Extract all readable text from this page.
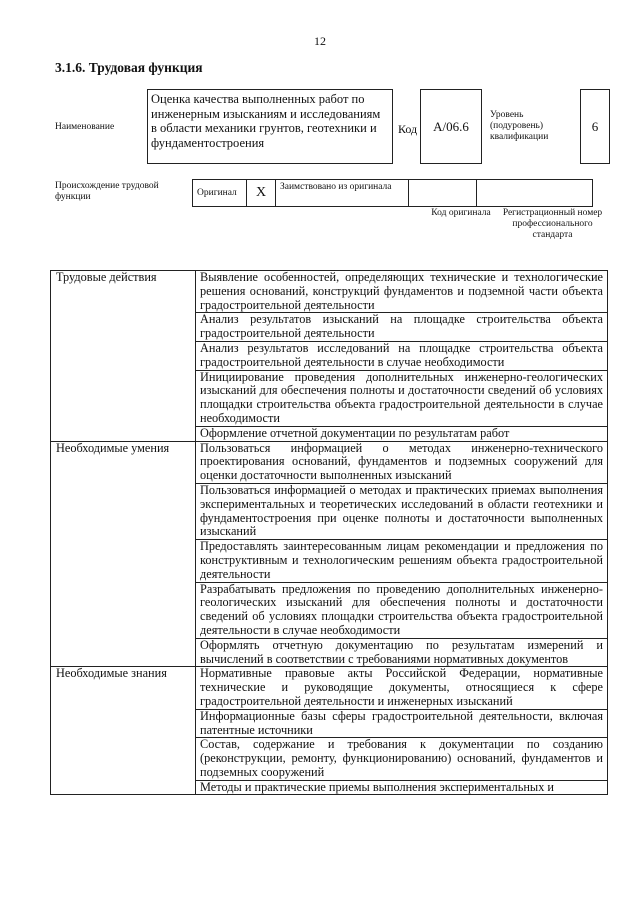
12
3.1.6. Трудовая функция
Наименование
Оценка качества выполненных работ по инженерным изысканиям и исследованиям в области механики грунтов, геотехники и фундаментостроения
Код	А/06.6
Уровень (подуровень) квалификации
6
Происхождение трудовой функции	Оригинал	X	Заимствовано из оригинала		
Код оригинала Регистрационный номер профессионального стандарта
Трудовые действия	Выявление особенностей, определяющих технические и технологические решения оснований, конструкций фундаментов и подземной части объекта градостроительной деятельности
	Анализ результатов изысканий на площадке строительства объекта градостроительной деятельности
	Анализ результатов исследований на площадке строительства объекта градостроительной деятельности в случае необходимости
	Инициирование проведения дополнительных инженерно-геологических изысканий для обеспечения полноты и достаточности сведений об условиях площадки строительства объекта градостроительной деятельности в случае необходимости
	Оформление отчетной документации по результатам работ
Необходимые умения	Пользоваться информацией о методах инженерно-технического проектирования оснований, фундаментов и подземных сооружений для оценки достаточности выполненных изысканий
	Пользоваться информацией о методах и практических приемах выполнения экспериментальных и теоретических исследований в области геотехники и фундаментостроения при оценке полноты и достаточности выполненных изысканий
	Предоставлять заинтересованным лицам рекомендации и предложения по конструктивным и технологическим решениям объекта градостроительной деятельности
	Разрабатывать предложения по проведению дополнительных инженерно-геологических изысканий для обеспечения полноты и достаточности сведений об условиях площадки строительства объекта градостроительной деятельности в случае необходимости
	Оформлять отчетную документацию по результатам измерений и вычислений в соответствии с требованиями нормативных документов
Необходимые знания	Нормативные правовые акты Российской Федерации, нормативные технические и руководящие документы, относящиеся к сфере градостроительной деятельности и инженерных изысканий
	Информационные базы сферы градостроительной деятельности, включая патентные источники
	Состав, содержание и требования к документации по созданию (реконструкции, ремонту, функционированию) оснований, фундаментов и подземных сооружений
	Методы и практические приемы выполнения экспериментальных и
